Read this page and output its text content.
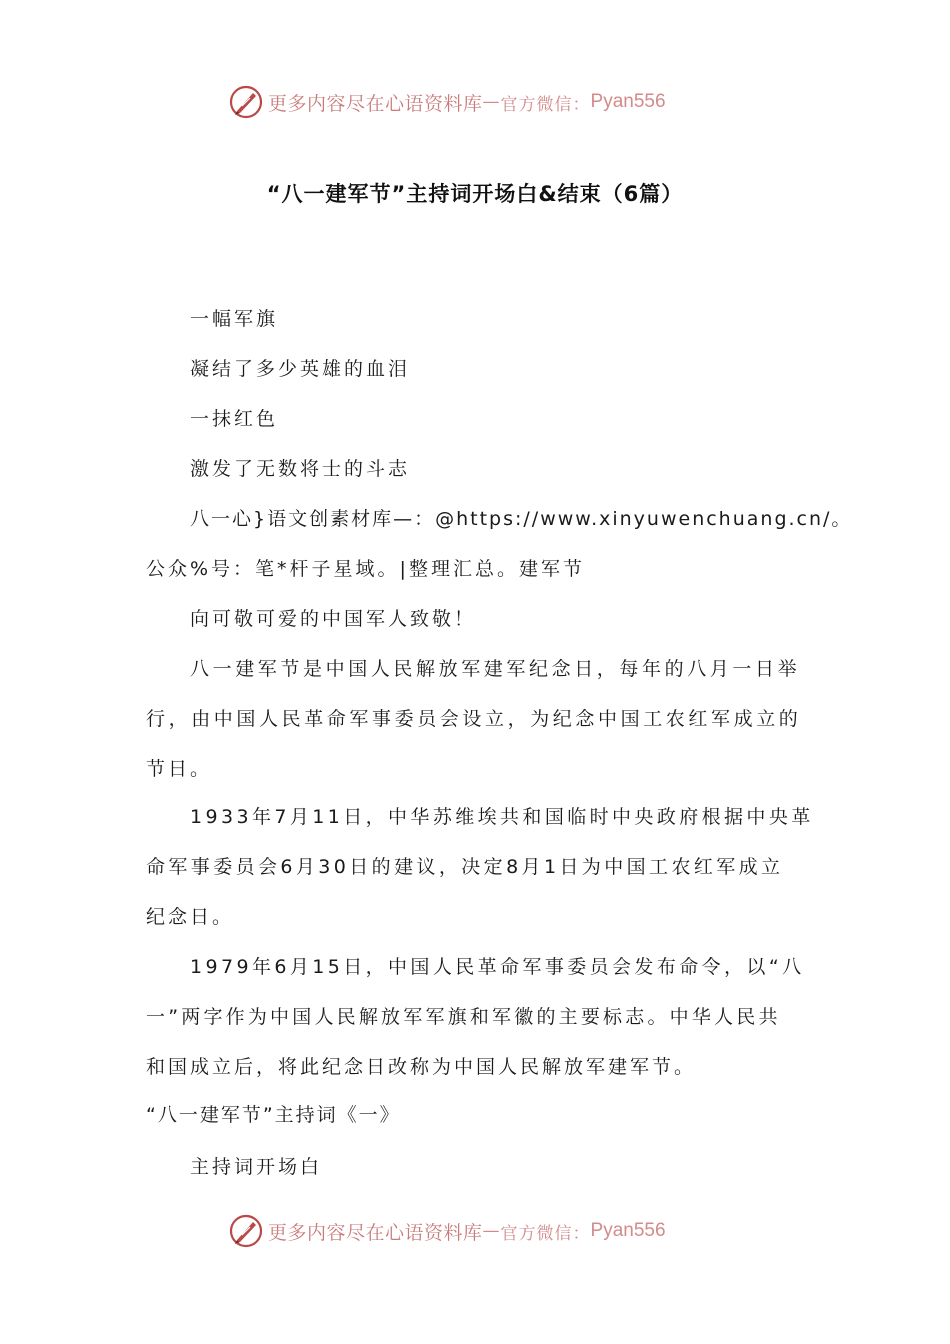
更多内容尽在心语资料库 — 官方微信： Pyan556
“八一建军节”主持词开场白&结束（6篇）
一幅军旗
凝结了多少英雄的血泪
一抹红色
激发了无数将士的斗志
八一心}语文创素材库—：@https://www.xinyuwenchuang.cn/。
公众%号：笔*杆子星域。|整理汇总。建军节
向可敬可爱的中国军人致敬！
八一建军节是中国人民解放军建军纪念日，每年的八月一日举
行，由中国人民革命军事委员会设立，为纪念中国工农红军成立的
节日。
1933年7月11日，中华苏维埃共和国临时中央政府根据中央革
命军事委员会6月30日的建议，决定8月1日为中国工农红军成立
纪念日。
1979年6月15日，中国人民革命军事委员会发布命令，以“八
一”两字作为中国人民解放军军旗和军徽的主要标志。中华人民共
和国成立后，将此纪念日改称为中国人民解放军建军节。
“八一建军节”主持词《一》
主持词开场白
更多内容尽在心语资料库 — 官方微信： Pyan556
